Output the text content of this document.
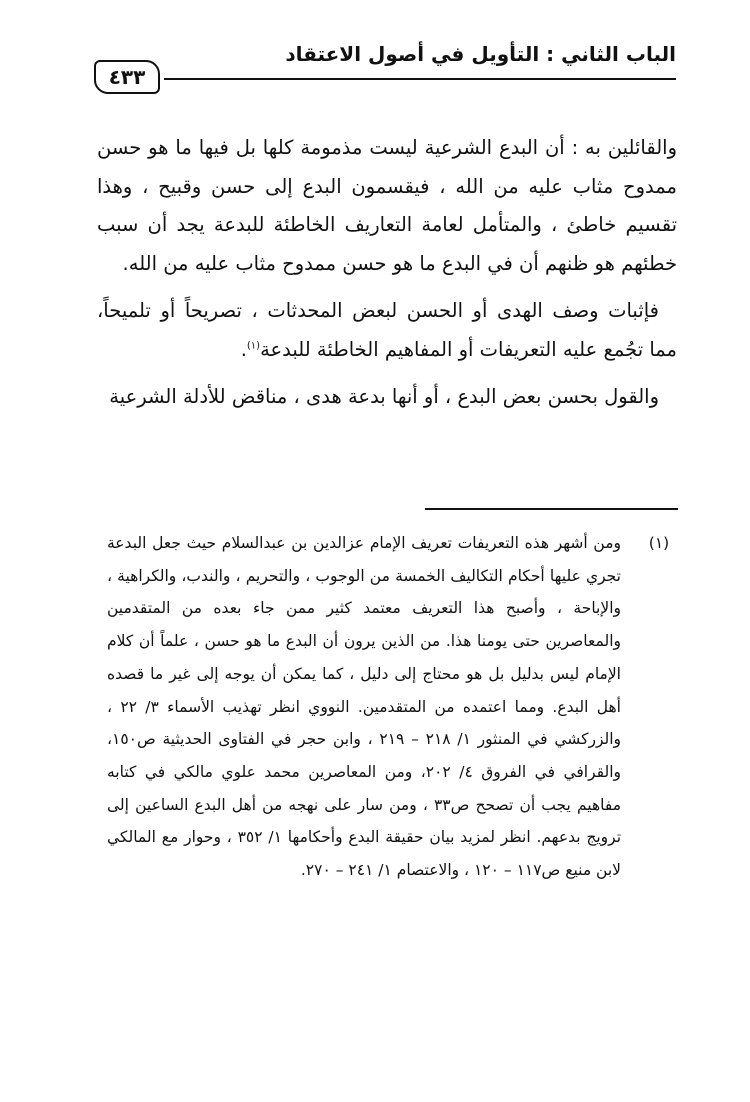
الباب الثاني : التأويل في أصول الاعتقاد
٤٣٣

والقائلين به : أن البدع الشرعية ليست مذمومة كلها بل فيها ما هو حسن ممدوح مثاب عليه من الله ، فيقسمون البدع إلى حسن وقبيح ، وهذا تقسيم خاطئ ، والمتأمل لعامة التعاريف الخاطئة للبدعة يجد أن سبب خطئهم هو ظنهم أن في البدع ما هو حسن ممدوح مثاب عليه من الله.

فإثبات وصف الهدى أو الحسن لبعض المحدثات ، تصريحاً أو تلميحاً، مما تجُمع عليه التعريفات أو المفاهيم الخاطئة للبدعة$^{(١)}$.

والقول بحسن بعض البدع ، أو أنها بدعة هدى ، مناقض للأدلة الشرعية

(١)
ومن أشهر هذه التعريفات تعريف الإمام عزالدين بن عبدالسلام حيث جعل البدعة تجري عليها أحكام التكاليف الخمسة من الوجوب ، والتحريم ، والندب، والكراهية ، والإباحة ، وأصبح هذا التعريف معتمد كثير ممن جاء بعده من المتقدمين والمعاصرين حتى يومنا هذا. من الذين يرون أن البدع ما هو حسن ، علماً أن كلام الإمام ليس بدليل بل هو محتاج إلى دليل ، كما يمكن أن يوجه إلى غير ما قصده أهل البدع. ومما اعتمده من المتقدمين. النووي انظر تهذيب الأسماء ٣/ ٢٢ ، والزركشي في المنثور ١/ ٢١٨ – ٢١٩ ، وابن حجر في الفتاوى الحديثية ص١٥٠، والقرافي في الفروق ٤/ ٢٠٢، ومن المعاصرين محمد علوي مالكي في كتابه مفاهيم يجب أن تصحح ص٣٣ ، ومن سار على نهجه من أهل البدع الساعين إلى ترويج بدعهم. انظر لمزيد بيان حقيقة البدع وأحكامها ١/ ٣٥٢ ، وحوار مع المالكي لابن منيع ص١١٧ – ١٢٠ ، والاعتصام ١/ ٢٤١ – ٢٧٠.
